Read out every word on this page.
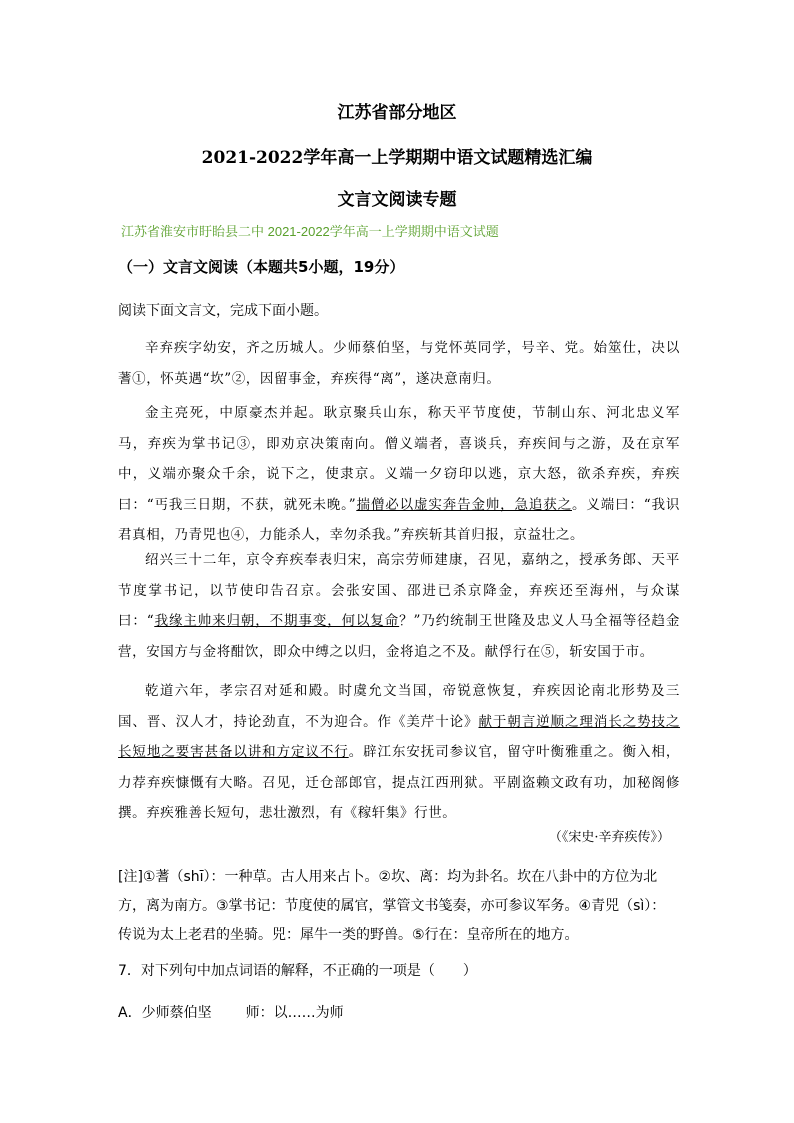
江苏省部分地区
2021-2022学年高一上学期期中语文试题精选汇编
文言文阅读专题
江苏省淮安市盱眙县二中 2021-2022学年高一上学期期中语文试题
（一）文言文阅读（本题共5小题，19分）
阅读下面文言文，完成下面小题。
辛弃疾字幼安，齐之历城人。少师蔡伯坚，与党怀英同学，号辛、党。始筮仕，决以蓍①，怀英遇“坎”②，因留事金，弃疾得“离”，遂决意南归。
金主亮死，中原豪杰并起。耿京聚兵山东，称天平节度使，节制山东、河北忠义军马，弃疾为掌书记③，即劝京决策南向。僧义端者，喜谈兵，弃疾间与之游，及在京军中，义端亦聚众千余，说下之，使隶京。义端一夕窃印以逃，京大怒，欲杀弃疾，弃疾曰：“丐我三日期，不获，就死未晚。”揣僧必以虚实奔告金帅，急追获之。义端曰：“我识君真相，乃青兕也④，力能杀人，幸勿杀我。”弃疾斩其首归报，京益壮之。
绍兴三十二年，京令弃疾奉表归宋，高宗劳师建康，召见，嘉纳之，授承务郎、天平节度掌书记，以节使印告召京。会张安国、邵进已杀京降金，弃疾还至海州，与众谋曰：“我缘主帅来归朝，不期事变，何以复命？”乃约统制王世隆及忠义人马全福等径趋金营，安国方与金将酣饮，即众中缚之以归，金将追之不及。献俘行在⑤，斩安国于市。
乾道六年，孝宗召对延和殿。时虞允文当国，帝锐意恢复，弃疾因论南北形势及三国、晋、汉人才，持论劲直，不为迎合。作《美芹十论》献于朝言逆顺之理消长之势技之长短地之要害甚备以讲和方定议不行。辟江东安抚司参议官，留守叶衡雅重之。衡入相，力荐弃疾慷慨有大略。召见，迁仓部郎官，提点江西刑狱。平剧盗赖文政有功，加秘阁修撰。弃疾雅善长短句，悲壮激烈，有《稼轩集》行世。
（《宋史·辛弃疾传》）
[注]①蓍（shī）：一种草。古人用来占卜。②坎、离：均为卦名。坎在八卦中的方位为北方，离为南方。③掌书记：节度使的属官，掌管文书笺奏，亦可参议军务。④青兕（sì）：传说为太上老君的坐骑。兕：犀牛一类的野兽。⑤行在：皇帝所在的地方。
7．对下列句中加点词语的解释，不正确的一项是（　　）
A．少师蔡伯坚 师：以……为师
